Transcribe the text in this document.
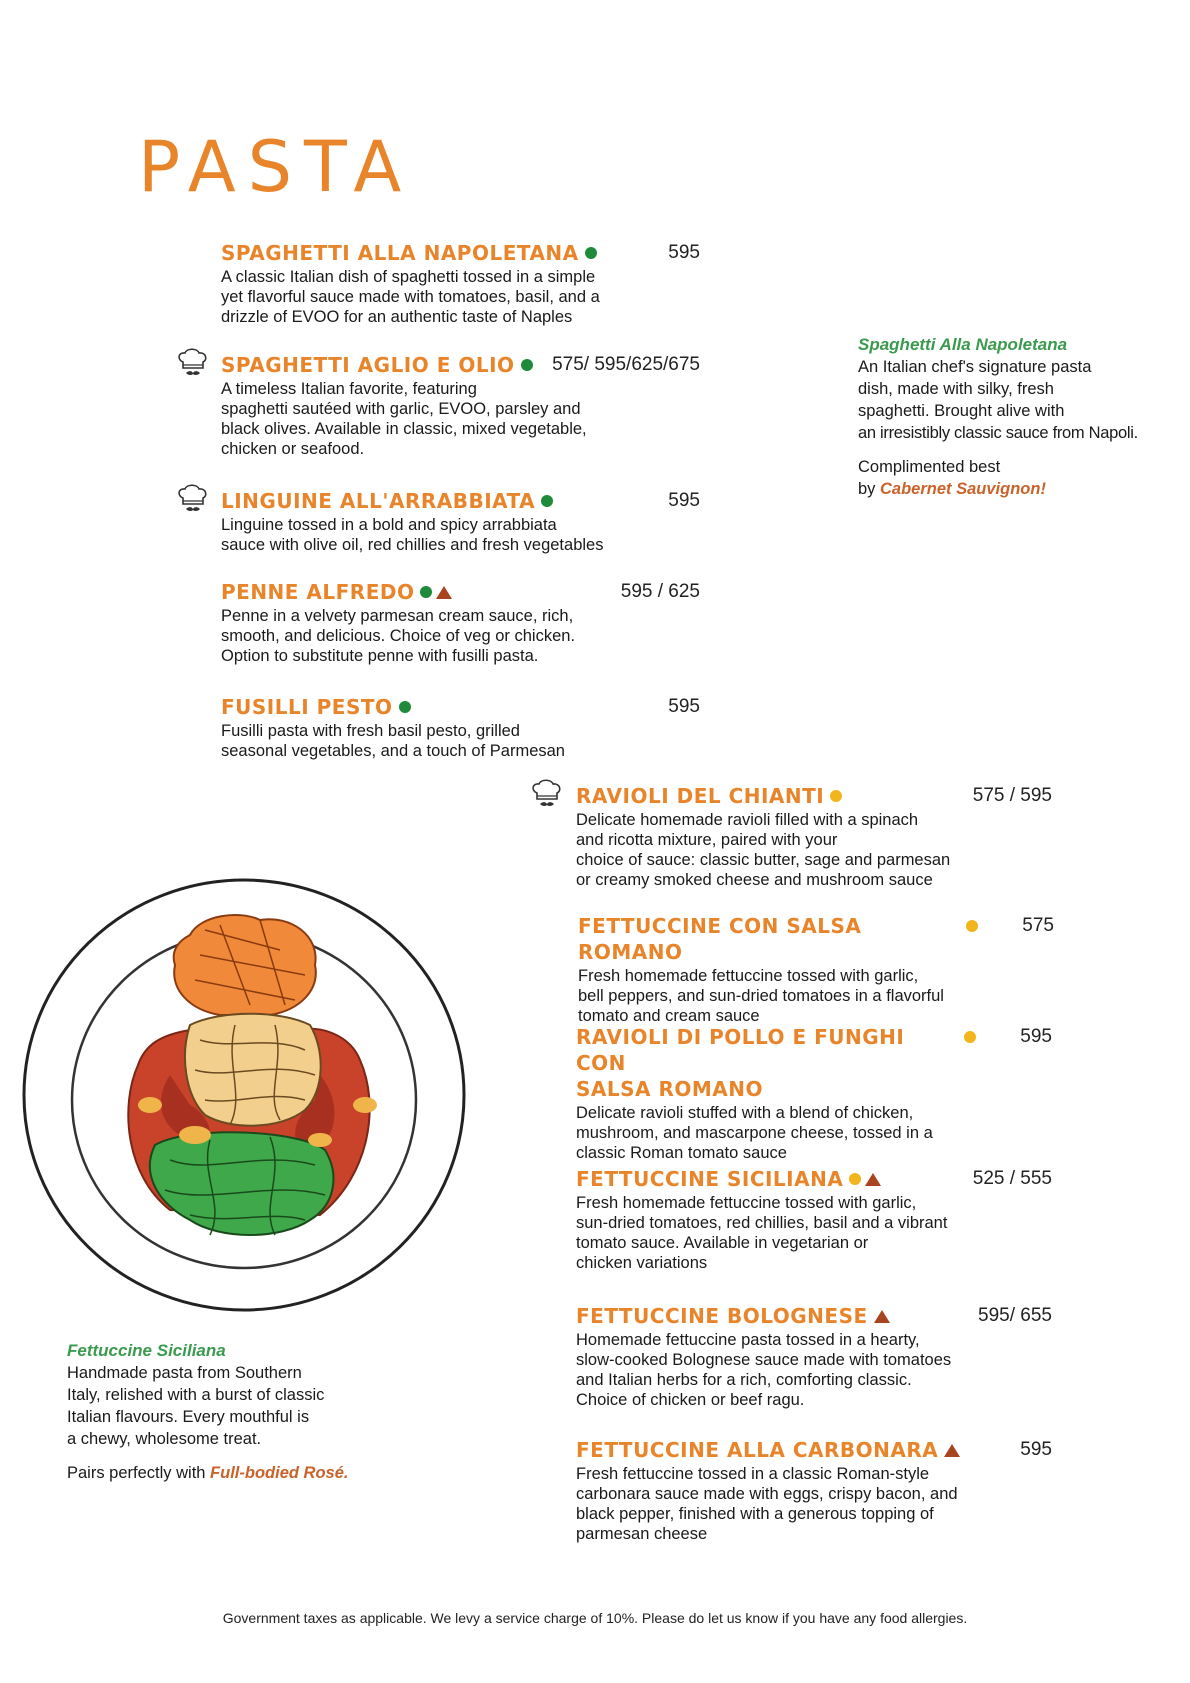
PASTA
SPAGHETTI ALLA NAPOLETANA	595
A classic Italian dish of spaghetti tossed in a simple
yet flavorful sauce made with tomatoes, basil, and a
drizzle of EVOO for an authentic taste of Naples
SPAGHETTI AGLIO E OLIO 575/ 595/625/675
A timeless Italian favorite, featuring
spaghetti sautéed with garlic, EVOO, parsley and
black olives. Available in classic, mixed vegetable,
chicken or seafood.
LINGUINE ALL'ARRABBIATA	595
Linguine tossed in a bold and spicy arrabbiata
sauce with olive oil, red chillies and fresh vegetables
PENNE ALFREDO	595 / 625
Penne in a velvety parmesan cream sauce, rich,
smooth, and delicious. Choice of veg or chicken.
Option to substitute penne with fusilli pasta.
FUSILLI PESTO	595
Fusilli pasta with fresh basil pesto, grilled
seasonal vegetables, and a touch of Parmesan
RAVIOLI DEL CHIANTI	575 / 595
Delicate homemade ravioli filled with a spinach
and ricotta mixture, paired with your
choice of sauce: classic butter, sage and parmesan
or creamy smoked cheese and mushroom sauce
FETTUCCINE CON SALSA ROMANO
575
Fresh homemade fettuccine tossed with garlic,
bell peppers, and sun-dried tomatoes in a flavorful
tomato and cream sauce
RAVIOLI DI POLLO E FUNGHI CON
SALSA ROMANO
595
Delicate ravioli stuffed with a blend of chicken,
mushroom, and mascarpone cheese, tossed in a
classic Roman tomato sauce
FETTUCCINE SICILIANA	525 / 555
Fresh homemade fettuccine tossed with garlic,
sun-dried tomatoes, red chillies, basil and a vibrant
tomato sauce. Available in vegetarian or
chicken variations
FETTUCCINE BOLOGNESE	595/ 655
Homemade fettuccine pasta tossed in a hearty,
slow-cooked Bolognese sauce made with tomatoes
and Italian herbs for a rich, comforting classic.
Choice of chicken or beef ragu.
FETTUCCINE ALLA CARBONARA	595
Fresh fettuccine tossed in a classic Roman-style
carbonara sauce made with eggs, crispy bacon, and
black pepper, finished with a generous topping of
parmesan cheese

Spaghetti Alla Napoletana

An Italian chef's signature pasta

dish, made with silky, fresh

spaghetti. Brought alive with

an irresistibly classic sauce from Napoli.

Complimented best

by Cabernet Sauvignon!

Fettuccine Siciliana

Handmade pasta from Southern

Italy, relished with a burst of classic

Italian flavours. Every mouthful is

a chewy, wholesome treat.

Pairs perfectly with Full-bodied Rosé.

Government taxes as applicable. We levy a service charge of 10%. Please do let us know if you have any food allergies.
